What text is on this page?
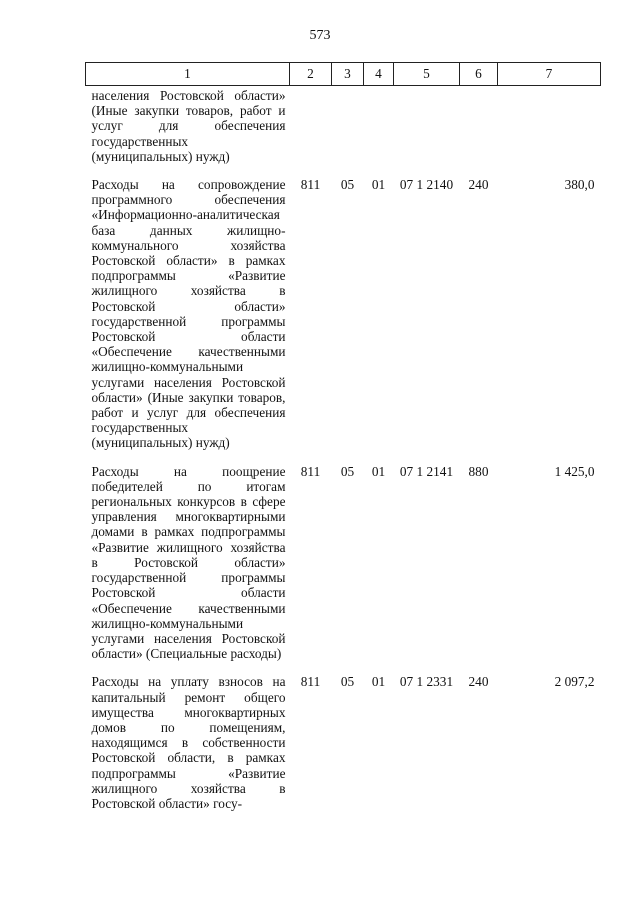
573
1	2	3	4	5	6	7
населения Ростовской области» (Иные закупки товаров, работ и услуг для обеспечения государственных (муниципальных) нужд)						
Расходы на сопровождение программного обеспечения «Информационно-аналитическая база данных жилищно-коммунального хозяйства Ростовской области» в рамках подпрограммы «Развитие жилищного хозяйства в Ростовской области» государственной программы Ростовской области «Обеспечение качественными жилищно-коммунальными услугами населения Ростовской области» (Иные закупки товаров, работ и услуг для обеспечения государственных (муниципальных) нужд)	811	05	01	07 1 2140	240	380,0
Расходы на поощрение победителей по итогам региональных конкурсов в сфере управления многоквартирными домами в рамках подпрограммы «Развитие жилищного хозяйства в Ростовской области» государственной программы Ростовской области «Обеспечение качественными жилищно-коммунальными услугами населения Ростовской области» (Специальные расходы)	811	05	01	07 1 2141	880	1 425,0
Расходы на уплату взносов на капитальный ремонт общего имущества многоквартирных домов по помещениям, находящимся в собственности Ростовской области, в рамках подпрограммы «Развитие жилищного хозяйства в Ростовской области» госу-	811	05	01	07 1 2331	240	2 097,2
